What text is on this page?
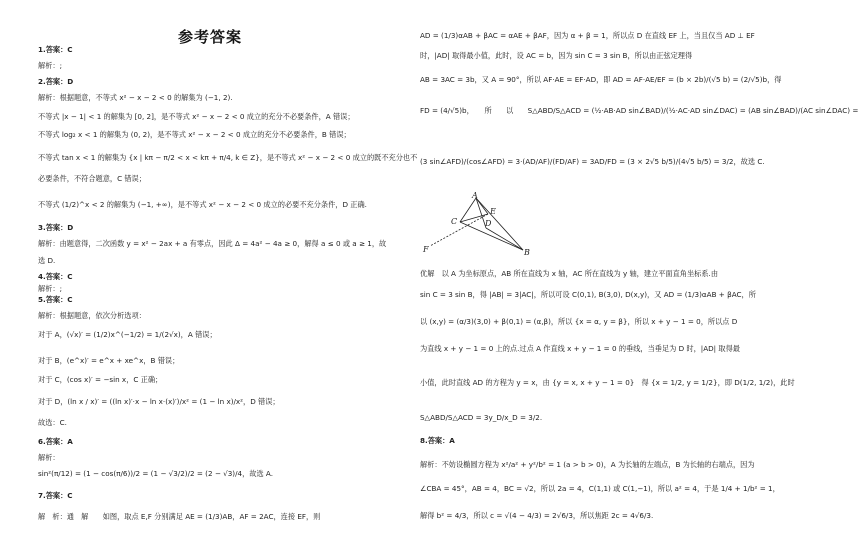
参考答案
1.答案：C
解析：;
2.答案：D
解析：根据题意，不等式 x² − x − 2 < 0 的解集为 (−1, 2).
不等式 |x − 1| < 1 的解集为 [0, 2]，是不等式 x² − x − 2 < 0 成立的充分不必要条件，A 错误；
不等式 log₂ x < 1 的解集为 (0, 2)，是不等式 x² − x − 2 < 0 成立的充分不必要条件，B 错误；
不等式 tan x < 1 的解集为 {x | kπ − π/2 < x < kπ + π/4, k ∈ Z}，是不等式 x² − x − 2 < 0 成立的既不充分也不
必要条件，不符合题意，C 错误；
不等式 (1/2)^x < 2 的解集为 (−1, +∞)，是不等式 x² − x − 2 < 0 成立的必要不充分条件，D 正确.
3.答案：D
解析：由题意得，二次函数 y = x² − 2ax + a 有零点，因此 Δ = 4a² − 4a ≥ 0，解得 a ≤ 0 或 a ≥ 1，故
选 D.
4.答案：C
解析：;
5.答案：C
解析：根据题意，依次分析选项：
对于 A，(√x)′ = (1/2)x^(−1/2) = 1/(2√x)，A 错误；
对于 B，(e^x)′ = e^x + xe^x，B 错误；
对于 C，(cos x)′ = −sin x，C 正确；
对于 D，(ln x / x)′ = ((ln x)′·x − ln x·(x)′)/x² = (1 − ln x)/x²，D 错误；
故选：C.
6.答案：A
解析：
sin²(π/12) = (1 − cos(π/6))/2 = (1 − √3/2)/2 = (2 − √3)/4，故选 A.
7.答案：C
解　析：通　解　　如图，取点 E,F 分别满足 AE = (1/3)AB，AF = 2AC，连接 EF，则
AD = (1/3)αAB + βAC = αAE + βAF，因为 α + β = 1，所以点 D 在直线 EF 上，当且仅当 AD ⊥ EF
时，|AD| 取得最小值，此时，设 AC = b，因为 sin C = 3 sin B，所以由正弦定理得
AB = 3AC = 3b，又 A = 90°，所以 AF·AE = EF·AD，即 AD = AF·AE/EF = (b × 2b)/(√5 b) = (2/√5)b，得
FD = (4/√5)b，　　所　　以　　S△ABD/S△ACD = (½·AB·AD sin∠BAD)/(½·AC·AD sin∠DAC) = (AB sin∠BAD)/(AC sin∠DAC) =
(3 sin∠AFD)/(cos∠AFD) = 3·(AD/AF)/(FD/AF) = 3AD/FD = (3 × 2√5 b/5)/(4√5 b/5) = 3/2，故选 C.
优解　以 A 为坐标原点，AB 所在直线为 x 轴，AC 所在直线为 y 轴，建立平面直角坐标系.由
sin C = 3 sin B，得 |AB| = 3|AC|，所以可设 C(0,1), B(3,0), D(x,y)，又 AD = (1/3)αAB + βAC，所
以 (x,y) = (α/3)(3,0) + β(0,1) = (α,β)，所以 {x = α, y = β}，所以 x + y − 1 = 0，所以点 D
为直线 x + y − 1 = 0 上的点.过点 A 作直线 x + y − 1 = 0 的垂线，当垂足为 D 时，|AD| 取得最
小值，此时直线 AD 的方程为 y = x，由 {y = x, x + y − 1 = 0}　得 {x = 1/2, y = 1/2}，即 D(1/2, 1/2)，此时
S△ABD/S△ACD = 3y_D/x_D = 3/2.
8.答案：A
解析：不妨设椭圆方程为 x²/a² + y²/b² = 1 (a > b > 0)，A 为长轴的左端点，B 为长轴的右端点，因为
∠CBA = 45°，AB = 4，BC = √2，所以 2a = 4，C(1,1) 或 C(1,−1)，所以 a² = 4，于是 1/4 + 1/b² = 1，
解得 b² = 4/3，所以 c = √(4 − 4/3) = 2√6/3，所以焦距 2c = 4√6/3.
A
C
E
D
F	B
